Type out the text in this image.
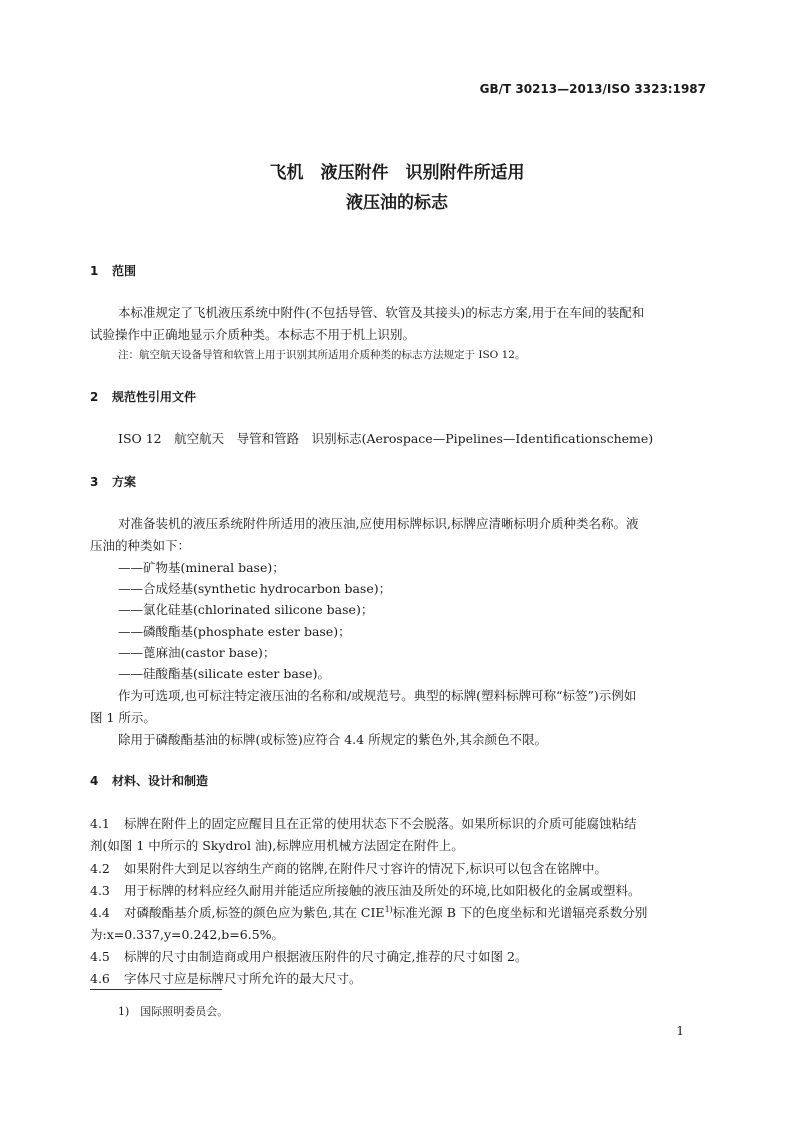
GB/T 30213—2013/ISO 3323:1987
飞机　液压附件　识别附件所适用
液压油的标志
1 范围
本标准规定了飞机液压系统中附件(不包括导管、软管及其接头)的标志方案,用于在车间的装配和
试验操作中正确地显示介质种类。本标志不用于机上识别。
注：航空航天设备导管和软管上用于识别其所适用介质种类的标志方法规定于 ISO 12。
2 规范性引用文件
ISO 12　航空航天　导管和管路　识别标志(Aerospace—Pipelines—Identificationscheme)
3 方案
对准备装机的液压系统附件所适用的液压油,应使用标牌标识,标牌应清晰标明介质种类名称。液
压油的种类如下：
——矿物基(mineral base)；
——合成烃基(synthetic hydrocarbon base)；
——氯化硅基(chlorinated silicone base)；
——磷酸酯基(phosphate ester base)；
——蓖麻油(castor base)；
——硅酸酯基(silicate ester base)。
作为可选项,也可标注特定液压油的名称和/或规范号。典型的标牌(塑料标牌可称“标签”)示例如
图 1 所示。
除用于磷酸酯基油的标牌(或标签)应符合 4.4 所规定的紫色外,其余颜色不限。
4 材料、设计和制造
4.1 标牌在附件上的固定应醒目且在正常的使用状态下不会脱落。如果所标识的介质可能腐蚀粘结
剂(如图 1 中所示的 Skydrol 油),标牌应用机械方法固定在附件上。
4.2 如果附件大到足以容纳生产商的铭牌,在附件尺寸容许的情况下,标识可以包含在铭牌中。
4.3 用于标牌的材料应经久耐用并能适应所接触的液压油及所处的环境,比如阳极化的金属或塑料。
4.4 对磷酸酯基介质,标签的颜色应为紫色,其在 CIE$^{1)}$标准光源 B 下的色度坐标和光谱辐亮系数分别
为:x=0.337,y=0.242,b=6.5%。
4.5 标牌的尺寸由制造商或用户根据液压附件的尺寸确定,推荐的尺寸如图 2。
4.6 字体尺寸应是标牌尺寸所允许的最大尺寸。
1)　国际照明委员会。
1
